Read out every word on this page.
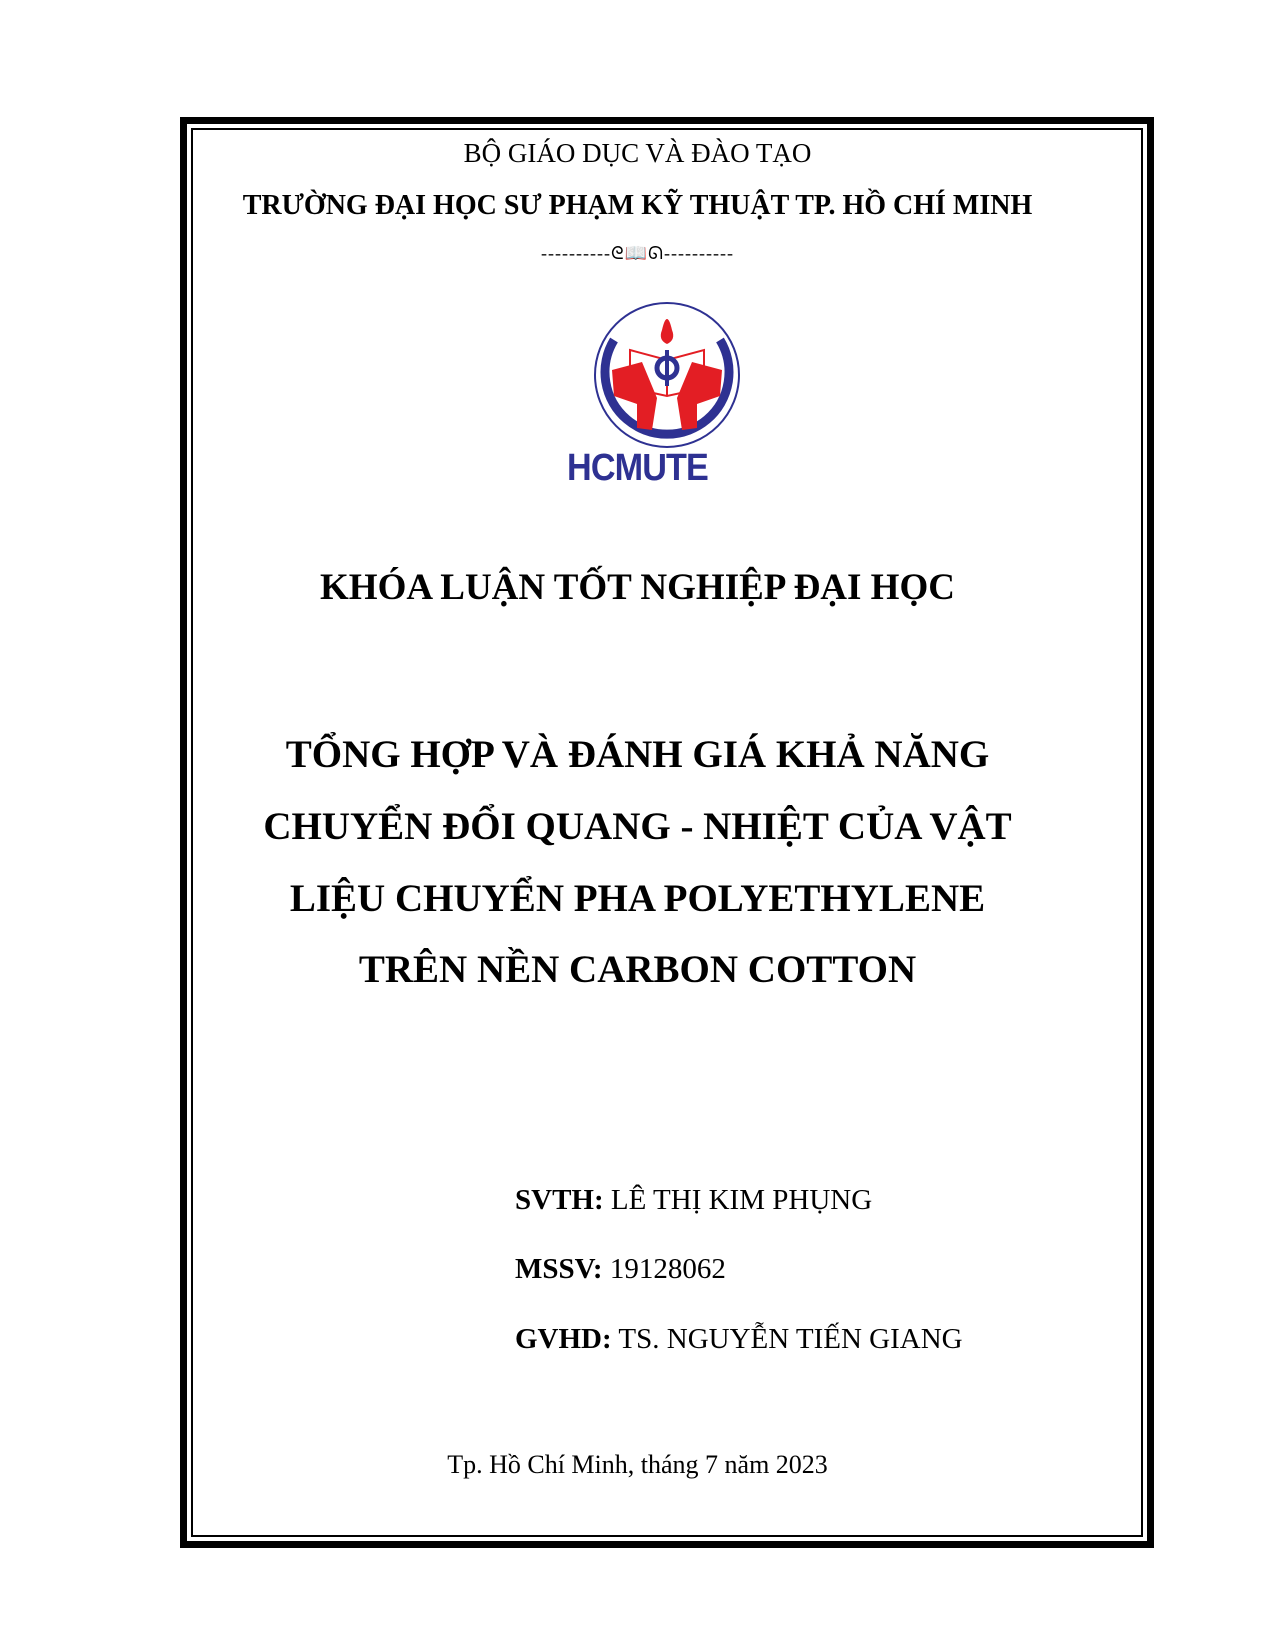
BỘ GIÁO DỤC VÀ ĐÀO TẠO
TRƯỜNG ĐẠI HỌC SƯ PHẠM KỸ THUẬT TP. HỒ CHÍ MINH
----------ᘓ📖ᘏ----------
HCMUTE
KHÓA LUẬN TỐT NGHIỆP ĐẠI HỌC
TỔNG HỢP VÀ ĐÁNH GIÁ KHẢ NĂNG
CHUYỂN ĐỔI QUANG - NHIỆT CỦA VẬT
LIỆU CHUYỂN PHA POLYETHYLENE
TRÊN NỀN CARBON COTTON
SVTH: LÊ THỊ KIM PHỤNG
MSSV: 19128062
GVHD: TS. NGUYỄN TIẾN GIANG
Tp. Hồ Chí Minh, tháng 7 năm 2023
